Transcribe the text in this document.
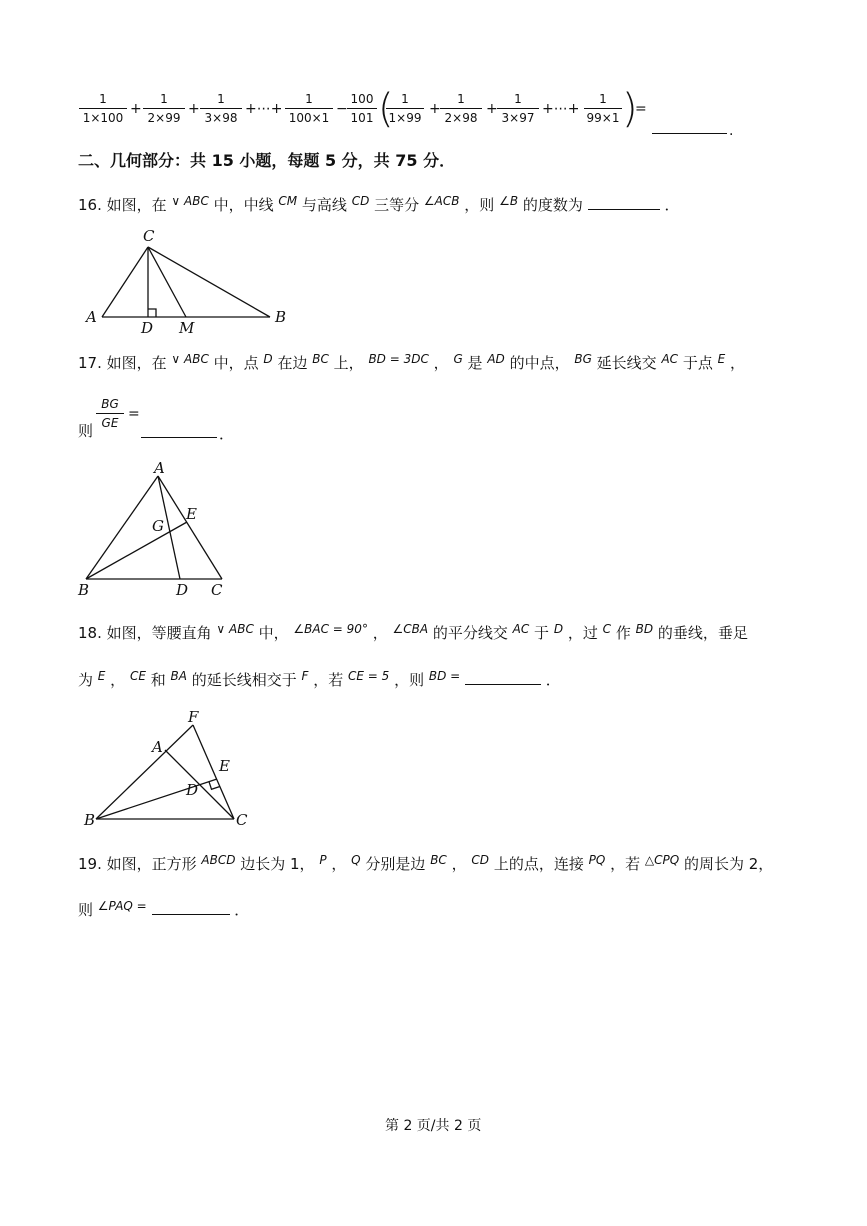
$\frac{1}{1\times 100} + \frac{1}{2\times 99} + \frac{1}{3\times 98}$ +⋯+ $\frac{1}{100\times 1} - \frac{100}{101}$ (
$\frac{1}{1\times 99} + \frac{1}{2\times 98} + \frac{1}{3\times 97}$ +⋯+ $\frac{1}{99\times 1}$ )
=
.
二、几何部分：共 15 小题，每题 5 分，共 75 分．
16. 如图，在 $^{\vee ABC}$ 中，中线 $^{CM}$ 与高线 $^{CD}$ 三等分 $^{\angle ACB}$ ，则 $^{\angle B}$ 的度数为	．
C
A
D M
B
17. 如图，在 $^{\vee ABC}$ 中，点 $^D$ 在边 $^{BC}$ 上， $^{BD = 3DC}$ ， $^G$ 是 $^{AD}$ 的中点， $^{BG}$ 延长线交 $^{AC}$ 于点 $^E$ ，
则
$\frac{BG}{GE}$ =
．
A
G
E
B	D C
18. 如图，等腰直角 $^{\vee ABC}$ 中， $^{\angle BAC = 90^\circ}$ ， $^{\angle CBA}$ 的平分线交 $^{AC}$ 于 $^D$ ，过 $^C$ 作 $^{BD}$ 的垂线，垂足
为 $^E$ ， $^{CE}$ 和 $^{BA}$ 的延长线相交于 $^F$ ，若 $^{CE = 5}$ ，则 $^{BD =}$	．
F
A
E
D
B	C
19. 如图，正方形 $^{ABCD}$ 边长为 1， $^P$ ， $^Q$ 分别是边 $^{BC}$ ， $^{CD}$ 上的点，连接 $^{PQ}$ ，若 $^{\triangle CPQ}$ 的周长为 2，
则 $^{\angle PAQ =}$	．
第 2 页/共 2 页
